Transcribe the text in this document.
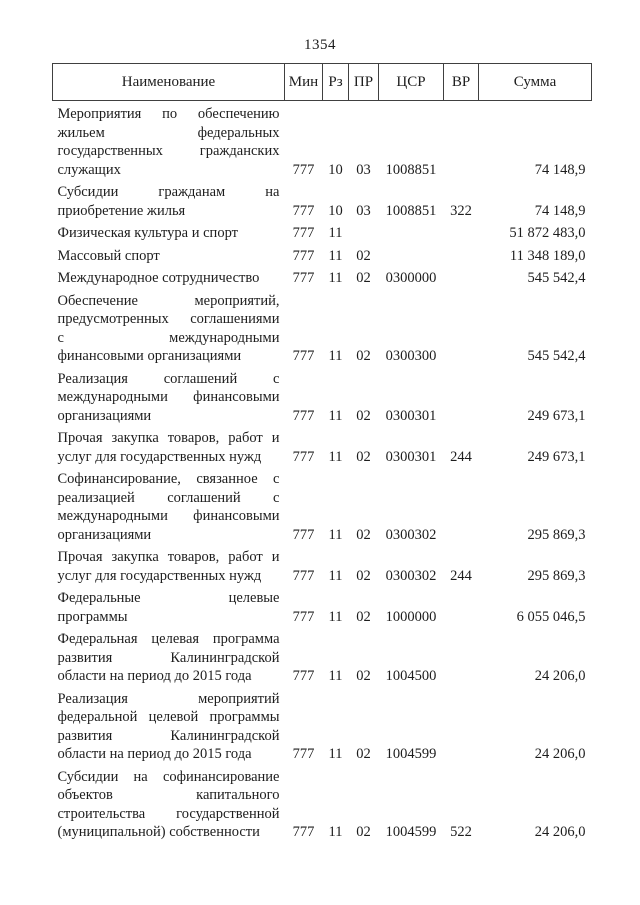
1354
Наименование	Мин	Рз	ПР	ЦСР	ВР	Сумма

Мероприятия по обеспечению
жильем федеральных
государственных гражданских
служащих	777	10	03	1008851		74 148,9

Субсидии гражданам на
приобретение жилья	777	10	03	1008851	322	74 148,9

Физическая культура и спорт	777	11				51 872 483,0

Массовый спорт	777	11	02			11 348 189,0

Международное сотрудничество	777	11	02	0300000		545 542,4

Обеспечение мероприятий,
предусмотренных соглашениями
с международными
финансовыми организациями	777	11	02	0300300		545 542,4

Реализация соглашений с
международными финансовыми
организациями	777	11	02	0300301		249 673,1

Прочая закупка товаров, работ и
услуг для государственных нужд	777	11	02	0300301	244	249 673,1

Софинансирование, связанное с
реализацией соглашений с
международными финансовыми
организациями	777	11	02	0300302		295 869,3

Прочая закупка товаров, работ и
услуг для государственных нужд	777	11	02	0300302	244	295 869,3

Федеральные целевые
программы	777	11	02	1000000		6 055 046,5

Федеральная целевая программа
развития Калининградской
области на период до 2015 года	777	11	02	1004500		24 206,0

Реализация мероприятий
федеральной целевой программы
развития Калининградской
области на период до 2015 года	777	11	02	1004599		24 206,0

Субсидии на софинансирование
объектов капитального
строительства государственной
(муниципальной) собственности	777	11	02	1004599	522	24 206,0
